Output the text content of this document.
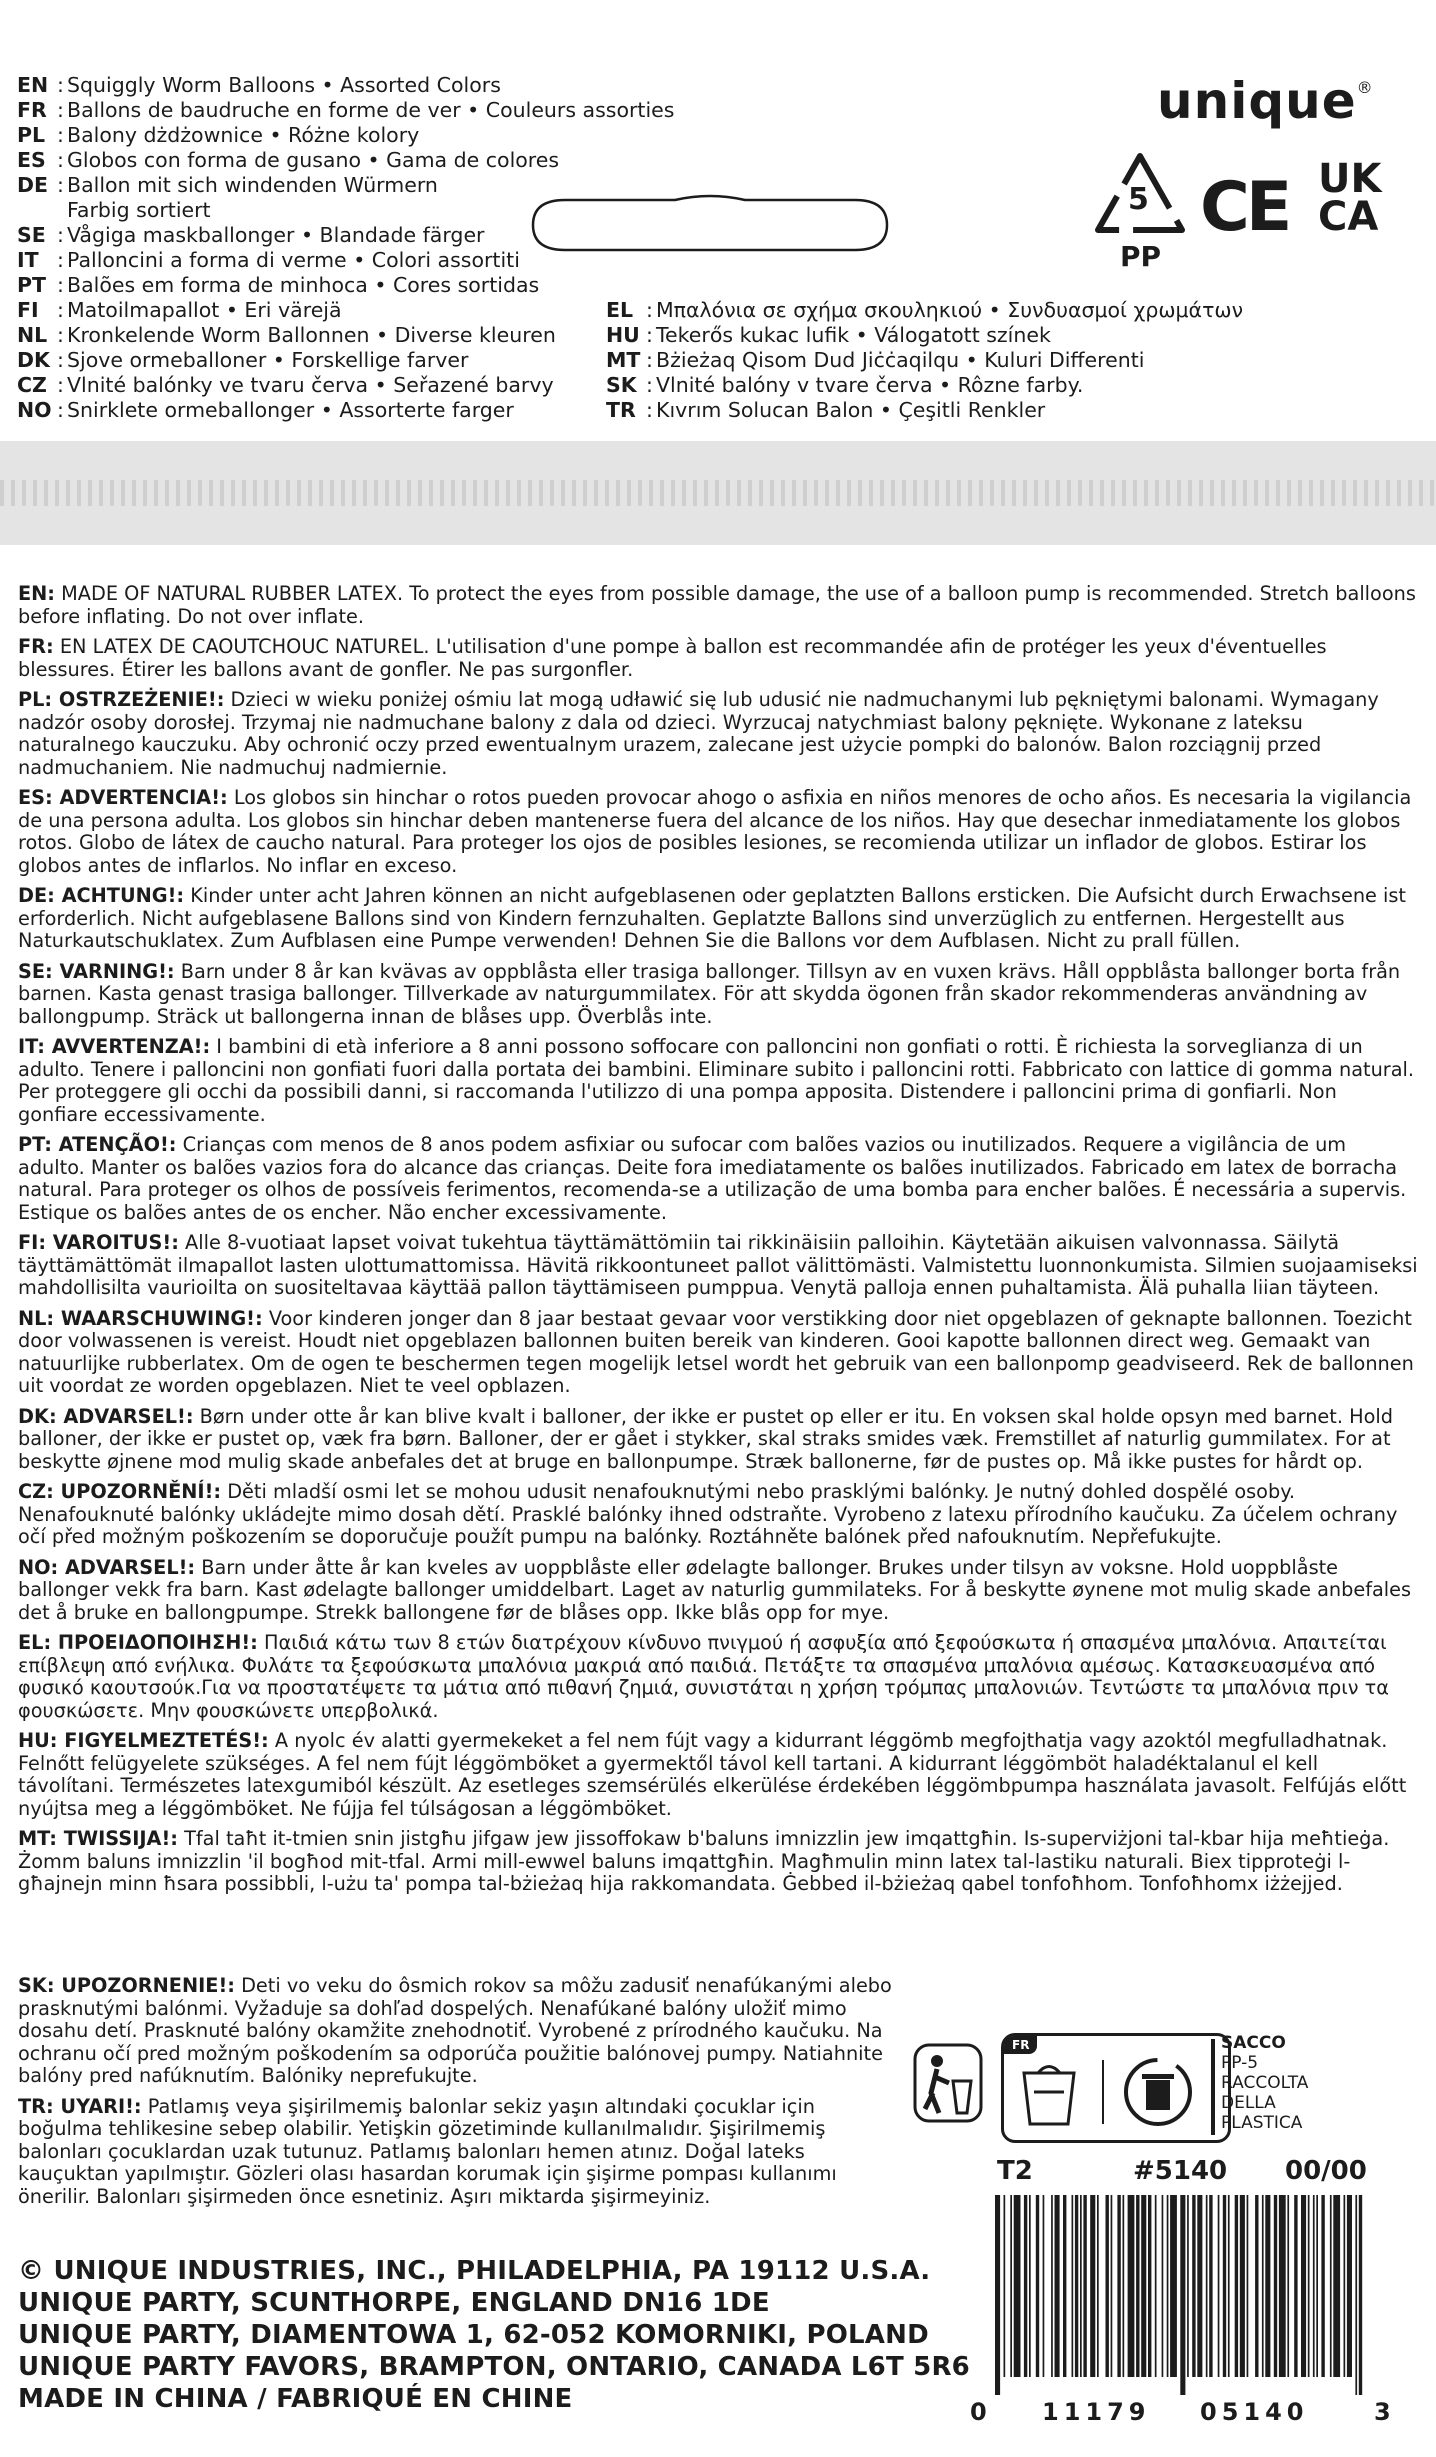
EN : Squiggly Worm Balloons • Assorted Colors
FR : Ballons de baudruche en forme de ver • Couleurs assorties
PL : Balony dżdżownice • Różne kolory
ES : Globos con forma de gusano • Gama de colores
DE : Ballon mit sich windenden Würmern
Farbig sortiert
SE : Vågiga maskballonger • Blandade färger
IT : Palloncini a forma di verme • Colori assortiti
PT : Balões em forma de minhoca • Cores sortidas
FI : Matoilmapallot • Eri värejä
NL : Kronkelende Worm Ballonnen • Diverse kleuren
DK : Sjove ormeballoner • Forskellige farver
CZ : Vlnité balónky ve tvaru červa • Seřazené barvy
NO : Snirklete ormeballonger • Assorterte farger
EL : Μπαλόνια σε σχήμα σκουληκιού • Συνδυασμοί χρωμάτων
HU : Tekerős kukac lufik • Válogatott színek
MT : Bżieżaq Qisom Dud Jiċċaqilqu • Kuluri Differenti
SK : Vlnité balóny v tvare červa • Rôzne farby.
TR : Kıvrım Solucan Balon • Çeşitli Renkler
unique®
5
PP
CE UK
CA

EN: MADE OF NATURAL RUBBER LATEX. To protect the eyes from possible damage, the use of a balloon pump is recommended. Stretch balloons before inflating. Do not over inflate.

FR: EN LATEX DE CAOUTCHOUC NATUREL. L'utilisation d'une pompe à ballon est recommandée afin de protéger les yeux d'éventuelles blessures. Étirer les ballons avant de gonfler. Ne pas surgonfler.

PL: OSTRZEŻENIE!: Dzieci w wieku poniżej ośmiu lat mogą udławić się lub udusić nie nadmuchanymi lub pękniętymi balonami. Wymagany nadzór osoby dorosłej. Trzymaj nie nadmuchane balony z dala od dzieci. Wyrzucaj natychmiast balony pęknięte. Wykonane z lateksu naturalnego kauczuku. Aby ochronić oczy przed ewentualnym urazem, zalecane jest użycie pompki do balonów. Balon rozciągnij przed nadmuchaniem. Nie nadmuchuj nadmiernie.

ES: ADVERTENCIA!: Los globos sin hinchar o rotos pueden provocar ahogo o asfixia en niños menores de ocho años. Es necesaria la vigilancia de una persona adulta. Los globos sin hinchar deben mantenerse fuera del alcance de los niños. Hay que desechar inmediatamente los globos rotos. Globo de látex de caucho natural. Para proteger los ojos de posibles lesiones, se recomienda utilizar un inflador de globos. Estirar los globos antes de inflarlos. No inflar en exceso.

DE: ACHTUNG!: Kinder unter acht Jahren können an nicht aufgeblasenen oder geplatzten Ballons ersticken. Die Aufsicht durch Erwachsene ist erforderlich. Nicht aufgeblasene Ballons sind von Kindern fernzuhalten. Geplatzte Ballons sind unverzüglich zu entfernen. Hergestellt aus Naturkautschuklatex. Zum Aufblasen eine Pumpe verwenden! Dehnen Sie die Ballons vor dem Aufblasen. Nicht zu prall füllen.

SE: VARNING!: Barn under 8 år kan kvävas av oppblåsta eller trasiga ballonger. Tillsyn av en vuxen krävs. Håll oppblåsta ballonger borta från barnen. Kasta genast trasiga ballonger. Tillverkade av naturgummilatex. För att skydda ögonen från skador rekommenderas användning av ballongpump. Sträck ut ballongerna innan de blåses upp. Överblås inte.

IT: AVVERTENZA!: I bambini di età inferiore a 8 anni possono soffocare con palloncini non gonfiati o rotti. È richiesta la sorveglianza di un adulto. Tenere i palloncini non gonfiati fuori dalla portata dei bambini. Eliminare subito i palloncini rotti. Fabbricato con lattice di gomma natural. Per proteggere gli occhi da possibili danni, si raccomanda l'utilizzo di una pompa apposita. Distendere i palloncini prima di gonfiarli. Non gonfiare eccessivamente.

PT: ATENÇÃO!: Crianças com menos de 8 anos podem asfixiar ou sufocar com balões vazios ou inutilizados. Requere a vigilância de um adulto. Manter os balões vazios fora do alcance das crianças. Deite fora imediatamente os balões inutilizados. Fabricado em latex de borracha natural. Para proteger os olhos de possíveis ferimentos, recomenda-se a utilização de uma bomba para encher balões. É necessária a supervis. Estique os balões antes de os encher. Não encher excessivamente.

FI: VAROITUS!: Alle 8-vuotiaat lapset voivat tukehtua täyttämättömiin tai rikkinäisiin palloihin. Käytetään aikuisen valvonnassa. Säilytä täyttämättömät ilmapallot lasten ulottumattomissa. Hävitä rikkoontuneet pallot välittömästi. Valmistettu luonnonkumista. Silmien suojaamiseksi mahdollisilta vaurioilta on suositeltavaa käyttää pallon täyttämiseen pumppua. Venytä palloja ennen puhaltamista. Älä puhalla liian täyteen.

NL: WAARSCHUWING!: Voor kinderen jonger dan 8 jaar bestaat gevaar voor verstikking door niet opgeblazen of geknapte ballonnen. Toezicht door volwassenen is vereist. Houdt niet opgeblazen ballonnen buiten bereik van kinderen. Gooi kapotte ballonnen direct weg. Gemaakt van natuurlijke rubberlatex. Om de ogen te beschermen tegen mogelijk letsel wordt het gebruik van een ballonpomp geadviseerd. Rek de ballonnen uit voordat ze worden opgeblazen. Niet te veel opblazen.

DK: ADVARSEL!: Børn under otte år kan blive kvalt i balloner, der ikke er pustet op eller er itu. En voksen skal holde opsyn med barnet. Hold balloner, der ikke er pustet op, væk fra børn. Balloner, der er gået i stykker, skal straks smides væk. Fremstillet af naturlig gummilatex. For at beskytte øjnene mod mulig skade anbefales det at bruge en ballonpumpe. Stræk ballonerne, før de pustes op. Må ikke pustes for hårdt op.

CZ: UPOZORNĚNÍ!: Děti mladší osmi let se mohou udusit nenafouknutými nebo prasklými balónky. Je nutný dohled dospělé osoby. Nenafouknuté balónky ukládejte mimo dosah dětí. Prasklé balónky ihned odstraňte. Vyrobeno z latexu přírodního kaučuku. Za účelem ochrany očí před možným poškozením se doporučuje použít pumpu na balónky. Roztáhněte balónek před nafouknutím. Nepřefukujte.

NO: ADVARSEL!: Barn under åtte år kan kveles av uoppblåste eller ødelagte ballonger. Brukes under tilsyn av voksne. Hold uoppblåste ballonger vekk fra barn. Kast ødelagte ballonger umiddelbart. Laget av naturlig gummilateks. For å beskytte øynene mot mulig skade anbefales det å bruke en ballongpumpe. Strekk ballongene før de blåses opp. Ikke blås opp for mye.

EL: ΠΡΟΕΙΔΟΠΟΙΗΣΗ!: Παιδιά κάτω των 8 ετών διατρέχουν κίνδυνο πνιγμού ή ασφυξία από ξεφούσκωτα ή σπασμένα μπαλόνια. Απαιτείται επίβλεψη από ενήλικα. Φυλάτε τα ξεφούσκωτα μπαλόνια μακριά από παιδιά. Πετάξτε τα σπασμένα μπαλόνια αμέσως. Κατασκευασμένα από φυσικό καουτσούκ.Για να προστατέψετε τα μάτια από πιθανή ζημιά, συνιστάται η χρήση τρόμπας μπαλονιών. Τεντώστε τα μπαλόνια πριν τα φουσκώσετε. Μην φουσκώνετε υπερβολικά.

HU: FIGYELMEZTETÉS!: A nyolc év alatti gyermekeket a fel nem fújt vagy a kidurrant léggömb megfojthatja vagy azoktól megfulladhatnak. Felnőtt felügyelete szükséges. A fel nem fújt léggömböket a gyermektől távol kell tartani. A kidurrant léggömböt haladéktalanul el kell távolítani. Természetes latexgumiból készült. Az esetleges szemsérülés elkerülése érdekében léggömbpumpa használata javasolt. Felfújás előtt nyújtsa meg a léggömböket. Ne fújja fel túlságosan a léggömböket.

MT: TWISSIJA!: Tfal taħt it-tmien snin jistgħu jifgaw jew jissoffokaw b'baluns imnizzlin jew imqattgħin. Is-superviżjoni tal-kbar hija meħtieġa. Żomm baluns imnizzlin 'il bogħod mit-tfal. Armi mill-ewwel baluns imqattgħin. Magħmulin minn latex tal-lastiku naturali. Biex tipproteġi l-għajnejn minn ħsara possibbli, l-użu ta' pompa tal-bżieżaq hija rakkomandata. Ġebbed il-bżieżaq qabel tonfoħhom. Tonfoħhomx iżżejjed.

SK: UPOZORNENIE!: Deti vo veku do ôsmich rokov sa môžu zadusiť nenafúkanými alebo prasknutými balónmi. Vyžaduje sa dohľad dospelých. Nenafúkané balóny uložiť mimo dosahu detí. Prasknuté balóny okamžite znehodnotiť. Vyrobené z prírodného kaučuku. Na ochranu očí pred možným poškodením sa odporúča použitie balónovej pumpy. Natiahnite balóny pred nafúknutím. Balóniky neprefukujte.

TR: UYARI!: Patlamış veya şişirilmemiş balonlar sekiz yaşın altındaki çocuklar için boğulma tehlikesine sebep olabilir. Yetişkin gözetiminde kullanılmalıdır. Şişirilmemiş balonları çocuklardan uzak tutunuz. Patlamış balonları hemen atınız. Doğal lateks kauçuktan yapılmıştır. Gözleri olası hasardan korumak için şişirme pompası kullanımı önerilir. Balonları şişirmeden önce esnetiniz. Aşırı miktarda şişirmeyiniz.

FR	SACCO
PP-5
RACCOLTA
DELLA PLASTICA
T2	#5140 00/00
0 11179 05140	3
© UNIQUE INDUSTRIES, INC., PHILADELPHIA, PA 19112 U.S.A.
UNIQUE PARTY, SCUNTHORPE, ENGLAND DN16 1DE
UNIQUE PARTY, DIAMENTOWA 1, 62-052 KOMORNIKI, POLAND
UNIQUE PARTY FAVORS, BRAMPTON, ONTARIO, CANADA L6T 5R6
MADE IN CHINA / FABRIQUÉ EN CHINE
